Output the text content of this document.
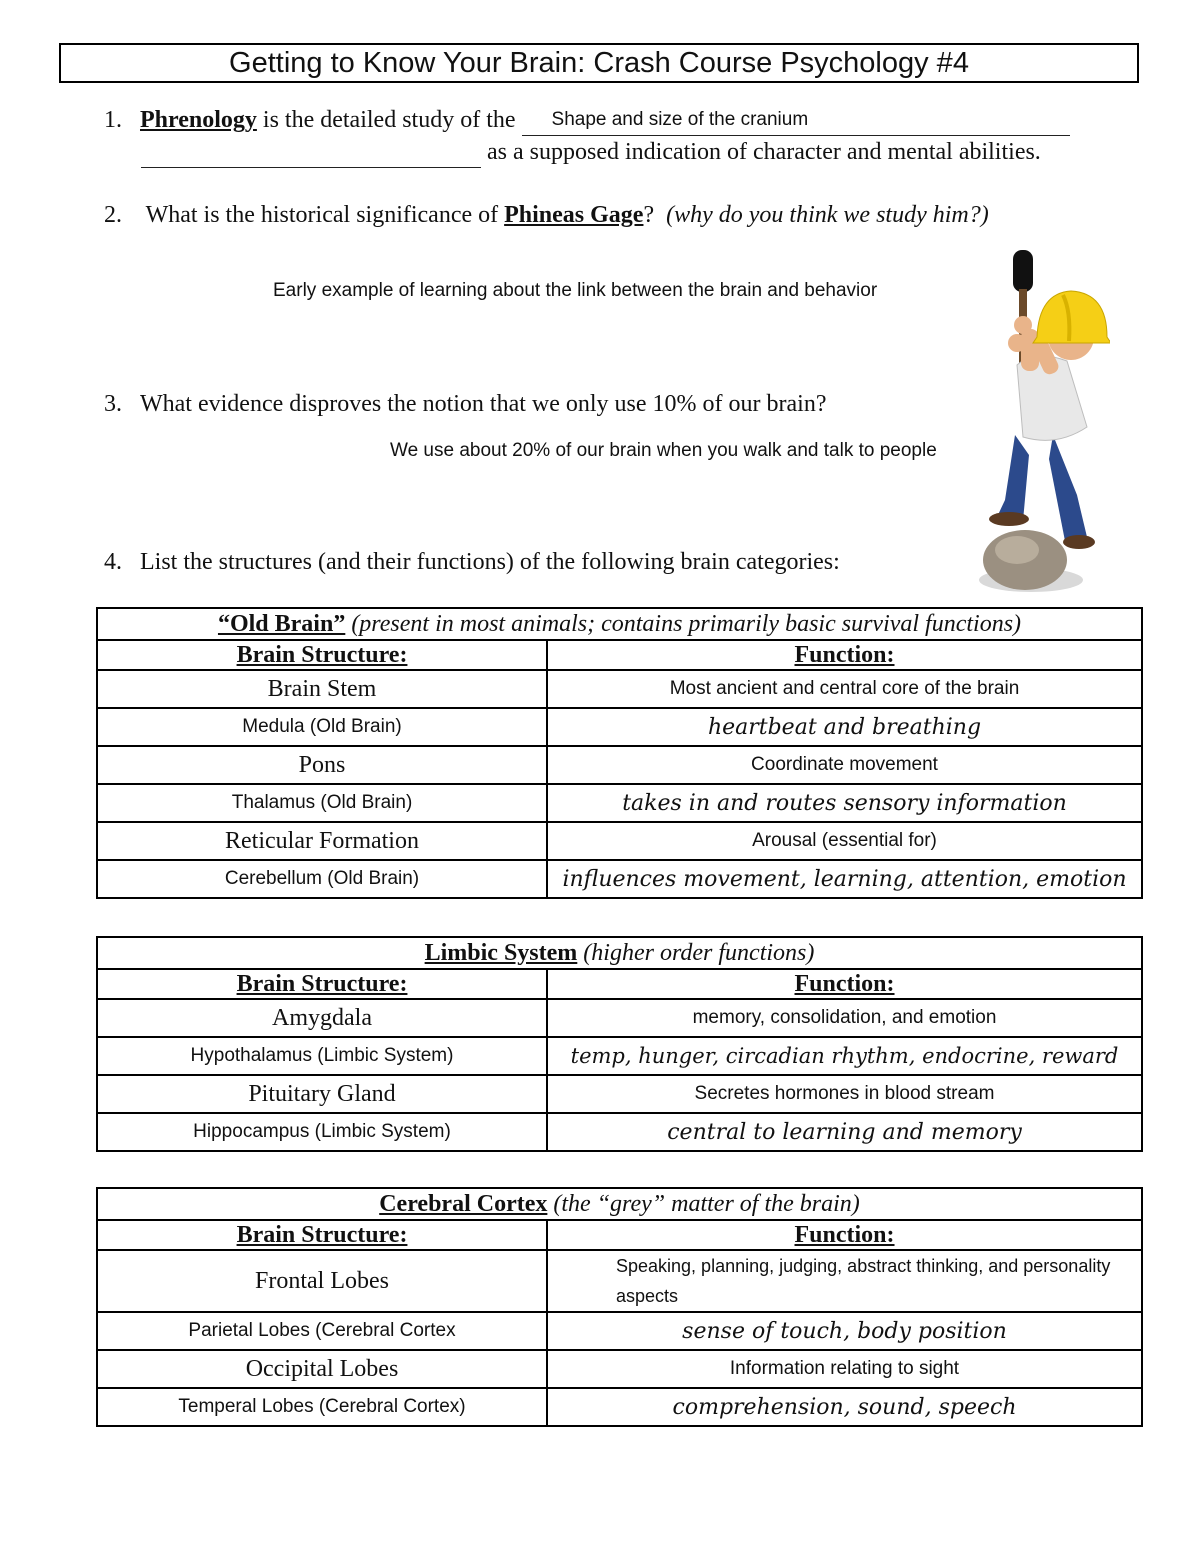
Getting to Know Your Brain: Crash Course Psychology #4
1. Phrenology is the detailed study of the Shape and size of the cranium

as a supposed indication of character and mental abilities.
2. What is the historical significance of Phineas Gage? (why do you think we study him?)
Early example of learning about the link between the brain and behavior
3. What evidence disproves the notion that we only use 10% of our brain?
We use about 20% of our brain when you walk and talk to people
4. List the structures (and their functions) of the following brain categories:
“Old Brain” (present in most animals; contains primarily basic survival functions)	
Brain Structure:	Function:
Brain Stem	Most ancient and central core of the brain
Medula (Old Brain)	heartbeat and breathing
Pons	Coordinate movement
Thalamus (Old Brain)	takes in and routes sensory information
Reticular Formation	Arousal (essential for)
Cerebellum (Old Brain)	influences movement, learning, attention, emotion
Limbic System (higher order functions)	
Brain Structure:	Function:
Amygdala	memory, consolidation, and emotion
Hypothalamus (Limbic System)	temp, hunger, circadian rhythm, endocrine, reward
Pituitary Gland	Secretes hormones in blood stream
Hippocampus (Limbic System)	central to learning and memory
Cerebral Cortex (the “grey” matter of the brain)	
Brain Structure:	Function:
Frontal Lobes	Speaking, planning, judging, abstract thinking, and personality aspects
Parietal Lobes (Cerebral Cortex	sense of touch, body position
Occipital Lobes	Information relating to sight
Temperal Lobes (Cerebral Cortex)	comprehension, sound, speech
